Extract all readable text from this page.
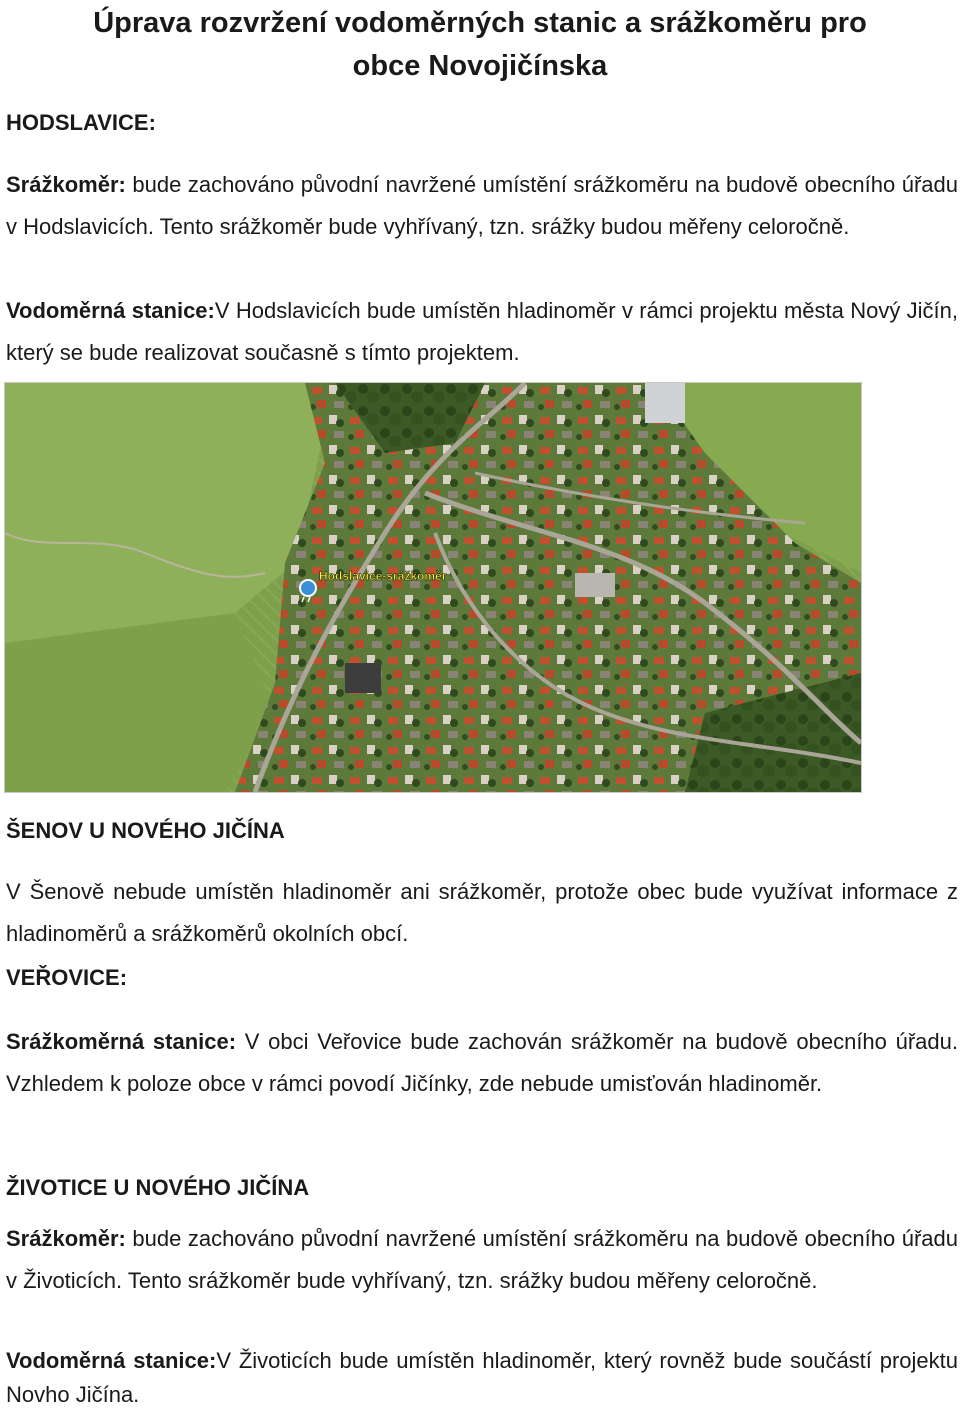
Úprava rozvržení vodoměrných stanic a srážkoměru pro
obce Novojičínska
HODSLAVICE:
Srážkoměr: bude zachováno původní navržené umístění srážkoměru na budově obecního úřadu v Hodslavicích. Tento srážkoměr bude vyhřívaný, tzn. srážky budou měřeny celoročně.
Vodoměrná stanice:V Hodslavicích bude umístěn hladinoměr v rámci projektu města Nový Jičín, který se bude realizovat současně s tímto projektem.
Hodslavice-srážkoměr
ŠENOV U NOVÉHO JIČÍNA
V Šenově nebude umístěn hladinoměr ani srážkoměr, protože obec bude využívat informace z hladinoměrů a srážkoměrů okolních obcí.
VEŘOVICE:
Srážkoměrná stanice: V obci Veřovice bude zachován srážkoměr na budově obecního úřadu. Vzhledem k poloze obce v rámci povodí Jičínky, zde nebude umisťován hladinoměr.
ŽIVOTICE U NOVÉHO JIČÍNA
Srážkoměr: bude zachováno původní navržené umístění srážkoměru na budově obecního úřadu v Životicích. Tento srážkoměr bude vyhřívaný, tzn. srážky budou měřeny celoročně.
Vodoměrná stanice:V Životicích bude umístěn hladinoměr, který rovněž bude součástí projektu Novho Jičína.
